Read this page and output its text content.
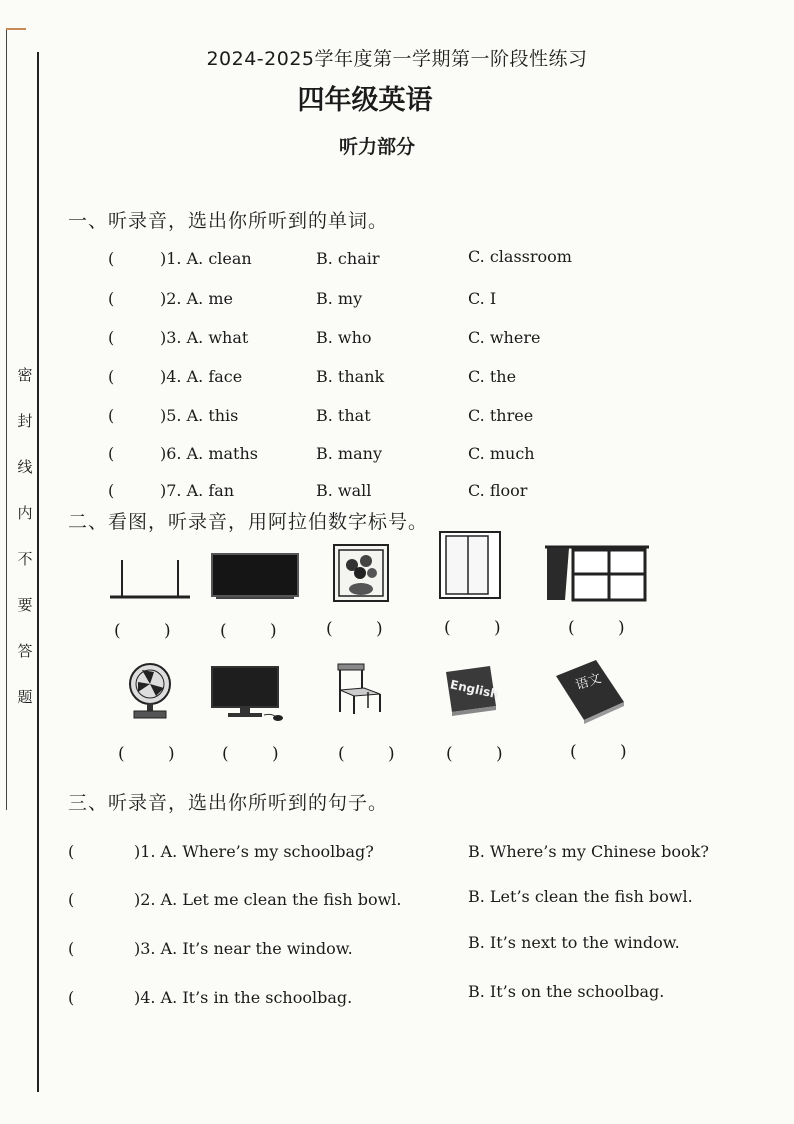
密
封
线
内
不
要
答
题
2024-2025学年度第一学期第一阶段性练习
四年级英语
听力部分
一、听录音，选出你所听到的单词。
(	)1. A. clean	B. chair	C. classroom
(	)2. A. me	B. my	C. I
(	)3. A. what	B. who	C. where
(	)4. A. face	B. thank	C. the
(	)5. A. this	B. that	C. three
(	)6. A. maths	B. many	C. much
(	)7. A. fan	B. wall	C. floor
二、看图，听录音，用阿拉伯数字标号。
(	)	(	)	(	)	(	)	(	)
English	语文
(	)	(	)	(	)	(	)	(	)
三、听录音，选出你所听到的句子。
(	)1. A. Where’s my schoolbag?	B. Where’s my Chinese book?
(	)2. A. Let me clean the fish bowl.	B. Let’s clean the fish bowl.
(	)3. A. It’s near the window.	B. It’s next to the window.
(	)4. A. It’s in the schoolbag.	B. It’s on the schoolbag.
